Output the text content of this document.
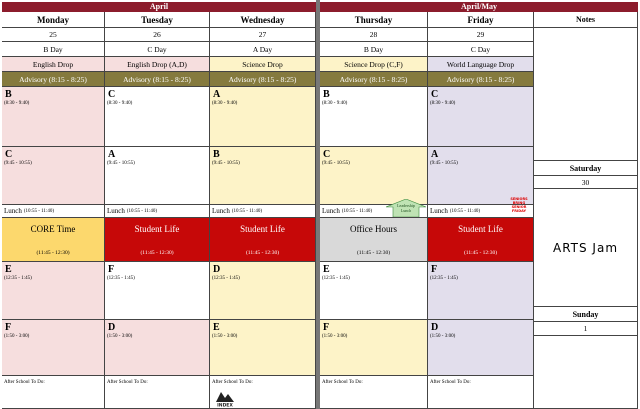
April	April/May
Monday
25
B Day
English Drop
Advisory (8:15 - 8:25)
B
(8:30 - 9:40)
C
(9:45 - 10:55)
Lunch (10:55 - 11:40)
CORE Time
(11:45 - 12:30)
E
(12:35 - 1:45)
F
(1:50 - 3:00)
After School To Do:
Tuesday
26
C Day
English Drop (A,D)
Advisory (8:15 - 8:25)
C
(8:30 - 9:40)
A
(9:45 - 10:55)
Lunch (10:55 - 11:40)
Student Life
(11:45 - 12:30)
F
(12:35 - 1:45)
D
(1:50 - 3:00)
After School To Do:
Wednesday
27
A Day
Science Drop
Advisory (8:15 - 8:25)
A
(8:30 - 9:40)
B
(9:45 - 10:55)
Lunch (10:55 - 11:40)
Student Life
(11:45 - 12:30)
D
(12:35 - 1:45)
E
(1:50 - 3:00)
After School To Do:
INDEX
Thursday
28
B Day
Science Drop (C,F)
Advisory (8:15 - 8:25)
B
(8:30 - 9:40)
C
(9:45 - 10:55)
Lunch (10:55 - 11:40)
Leadership Lunch
Office Hours
(11:45 - 12:30)
E
(12:35 - 1:45)
F
(1:50 - 3:00)
After School To Do:
Friday
29
C Day
World Language Drop
Advisory (8:15 - 8:25)
C
(8:30 - 9:40)
A
(9:45 - 10:55)
Lunch (10:55 - 11:40)
SENIORS BRING SENIOR FRIDAY
Student Life
(11:45 - 12:30)
F
(12:35 - 1:45)
D
(1:50 - 3:00)
After School To Do:
Notes
Saturday
30
ARTS Jam
Sunday
1
